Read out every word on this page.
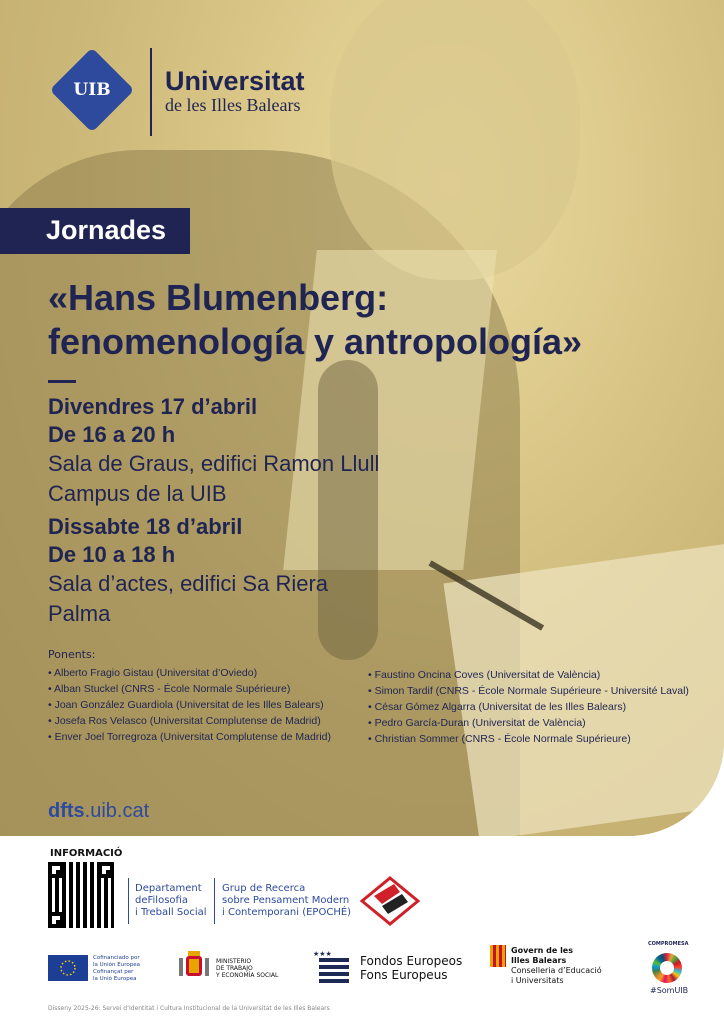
UIB Universitat
de les Illes Balears
Jornades
«Hans Blumenberg:
fenomenología y antropología»
Divendres 17 d’abril
De 16 a 20 h
Sala de Graus, edifici Ramon Llull
Campus de la UIB
Dissabte 18 d’abril
De 10 a 18 h
Sala d’actes, edifici Sa Riera
Palma
Ponents:
• Alberto Fragio Gistau (Universitat d’Oviedo)
• Alban Stuckel (CNRS - École Normale Supérieure)
• Joan González Guardiola (Universitat de les Illes Balears)
• Josefa Ros Velasco (Universitat Complutense de Madrid)
• Enver Joel Torregroza (Universitat Complutense de Madrid)
• Faustino Oncina Coves (Universitat de València)
• Simon Tardif (CNRS - École Normale Supérieure - Université Laval)
• César Gómez Algarra (Universitat de les Illes Balears)
• Pedro García-Duran (Universitat de València)
• Christian Sommer (CNRS - École Normale Supérieure)
dfts.uib.cat
INFORMACIÓ
Departament
deFilosofia
i Treball Social
Grup de Recerca
sobre Pensament Modern
i Contemporani (EPOCHÉ)
Cofinanciado por
la Unión Europea
Cofinançat per
la Unió Europea
MINISTERIO
DE TRABAJO
Y ECONOMÍA SOCIAL
★★★ Fondos Europeos
Fons Europeus
Govern de les
Illes Balears
Conselleria d’Educació
i Universitats
COMPROMESA
#SomUIB
Disseny 2025-26: Servei d’Identitat i Cultura Institucional de la Universitat de les Illes Balears
